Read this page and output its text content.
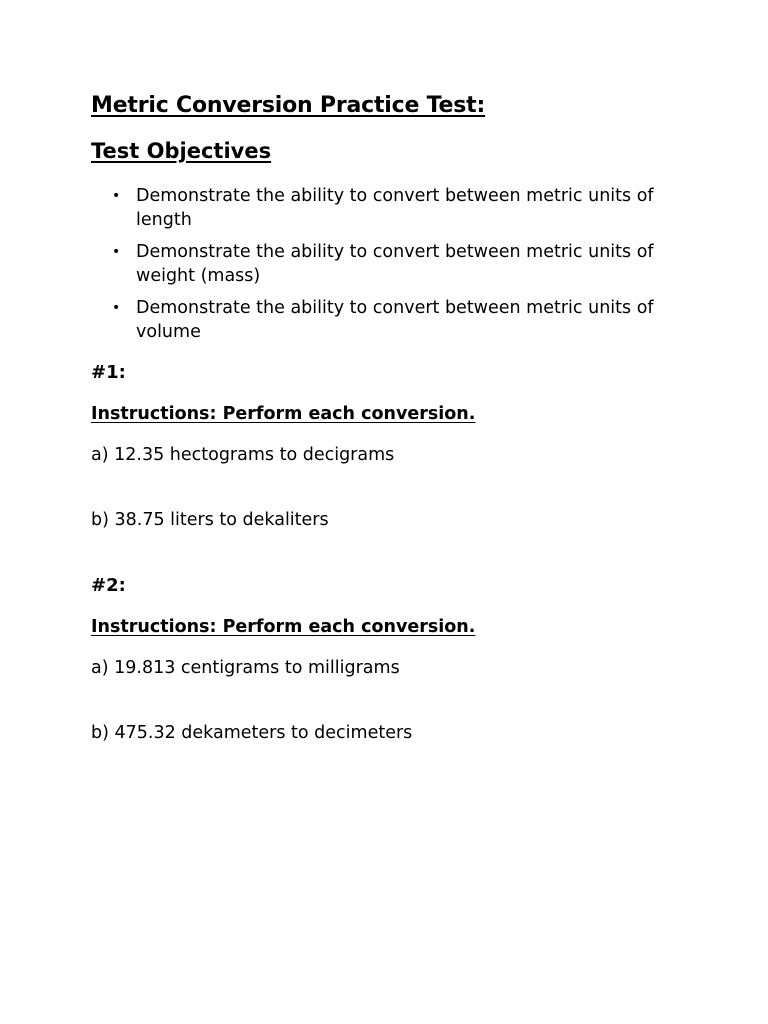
Metric Conversion Practice Test:
Test Objectives
• Demonstrate the ability to convert between metric units of length
• Demonstrate the ability to convert between metric units of weight (mass)
• Demonstrate the ability to convert between metric units of volume

#1:

Instructions: Perform each conversion.

a) 12.35 hectograms to decigrams

b) 38.75 liters to dekaliters

#2:

Instructions: Perform each conversion.

a) 19.813 centigrams to milligrams

b) 475.32 dekameters to decimeters
